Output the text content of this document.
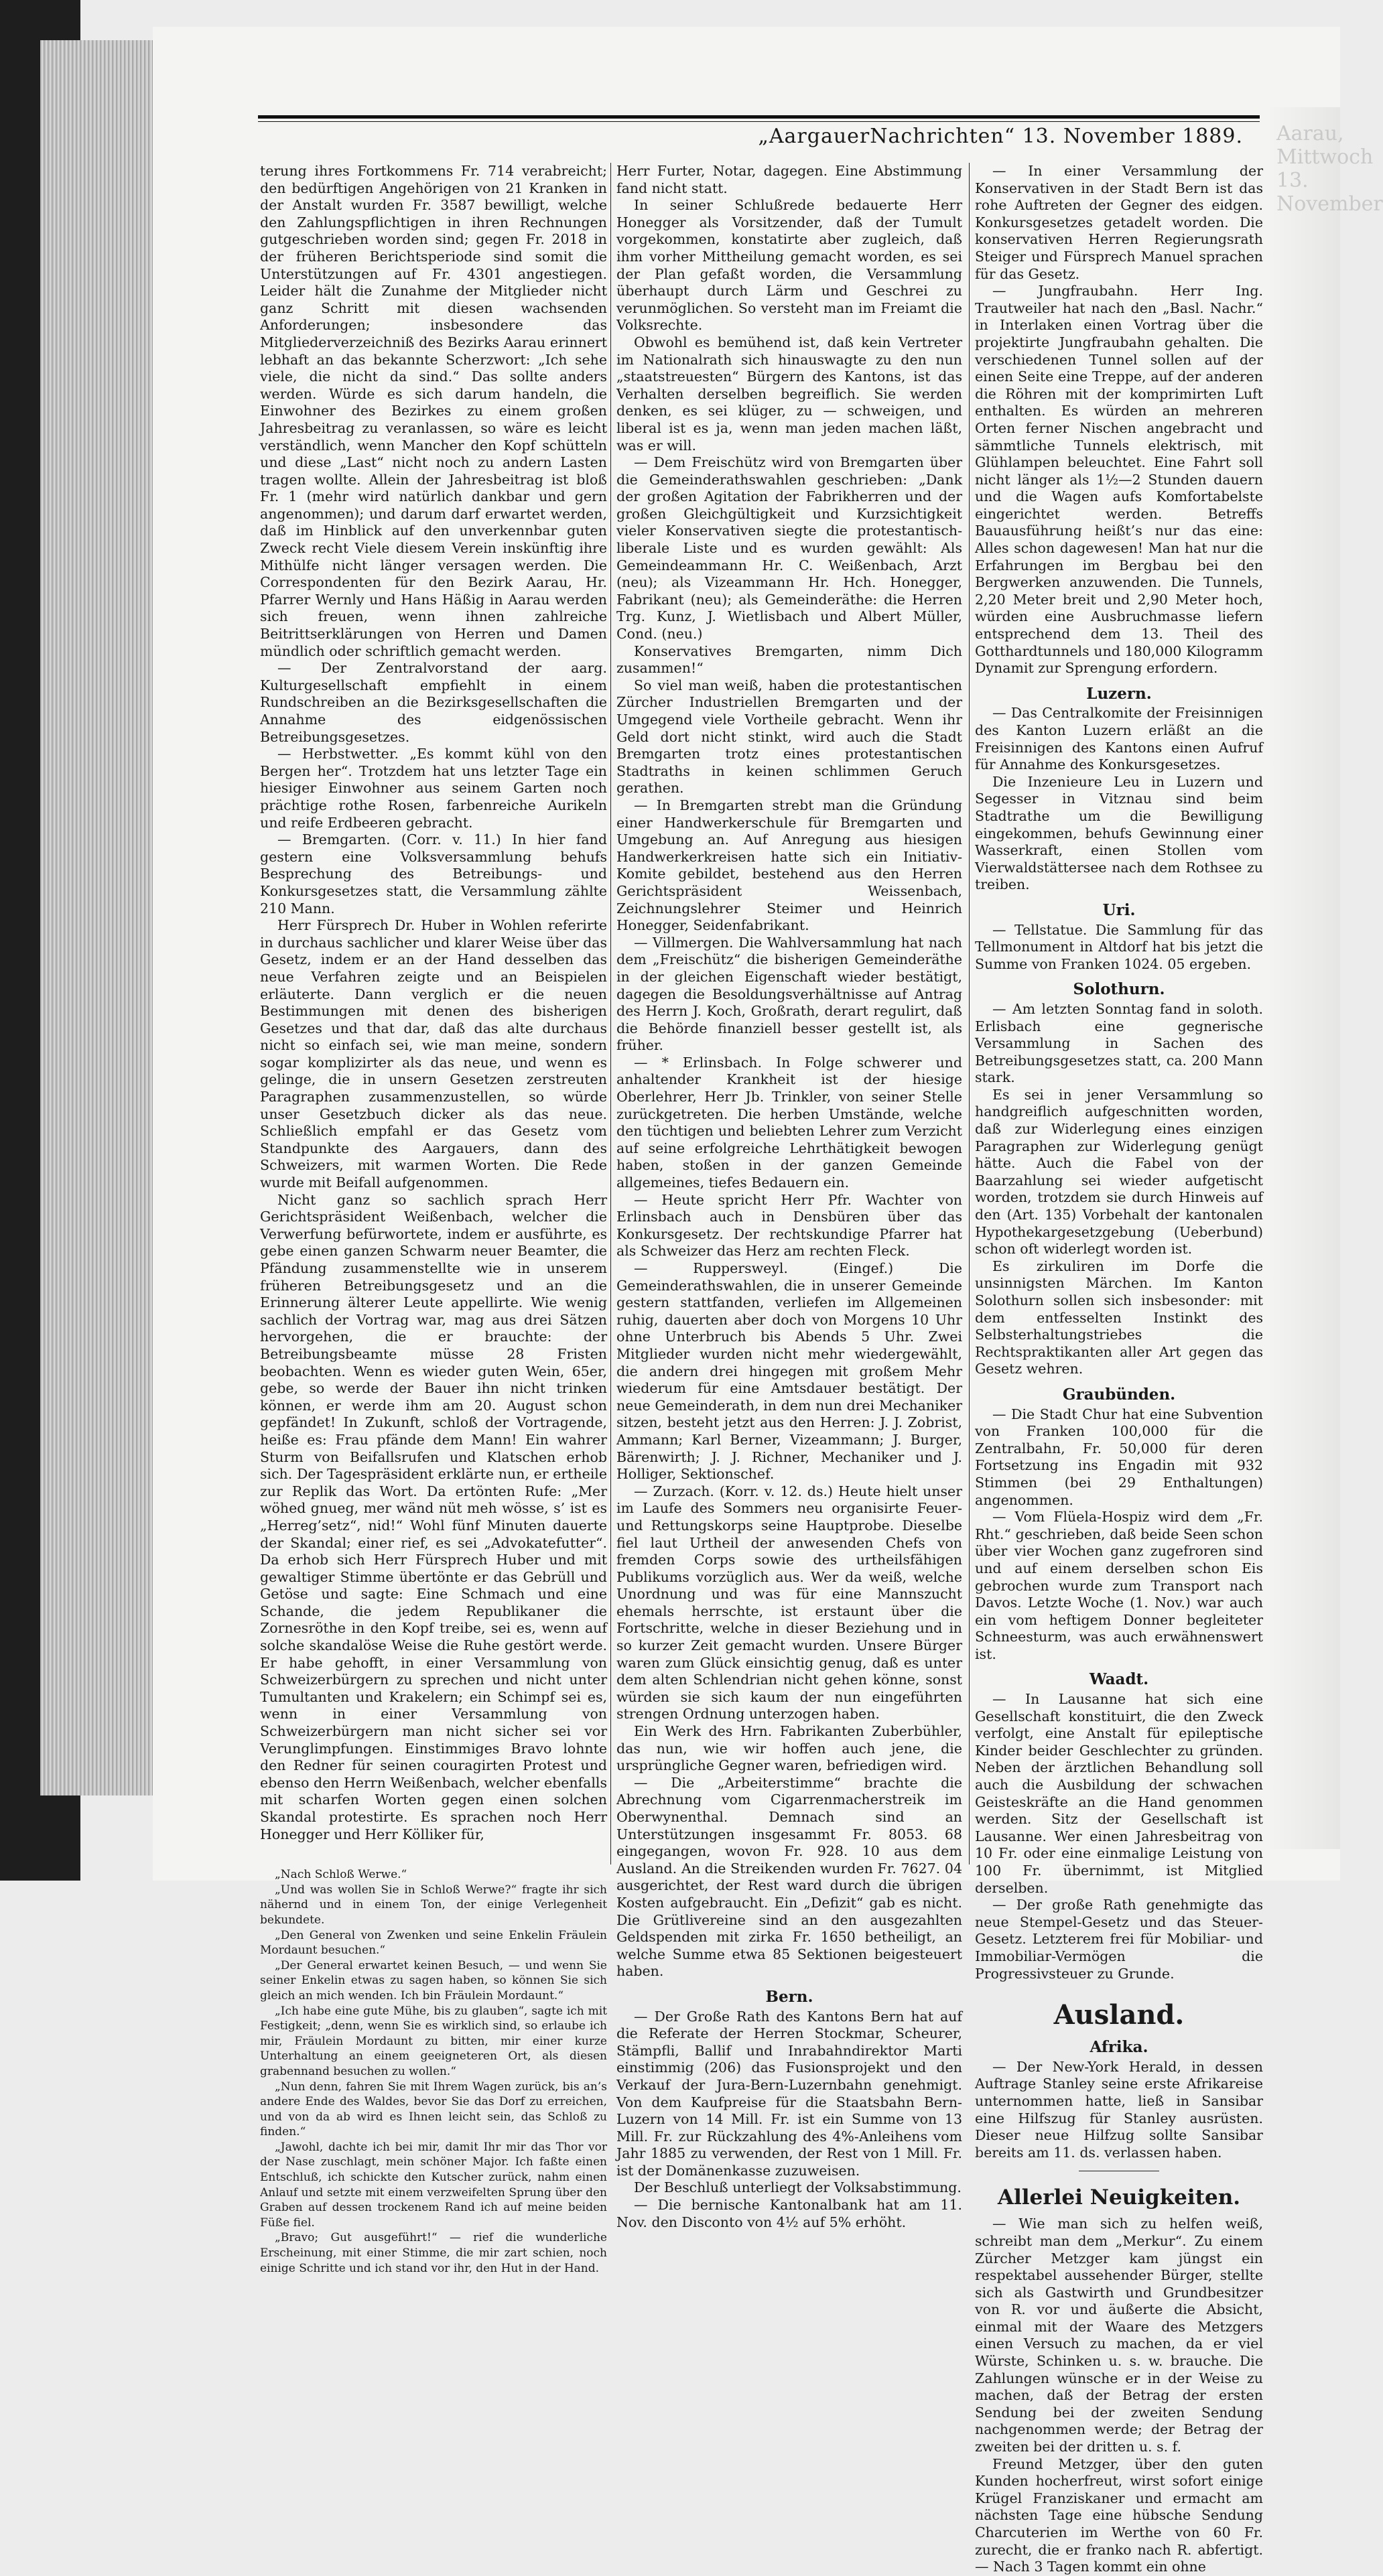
Aarau, Mittwoch 13. November
„AargauerNachrichten“ 13. November 1889.

terung ihres Fortkommens Fr. 714 verabreicht; den bedürftigen Angehörigen von 21 Kranken in der Anstalt wurden Fr. 3587 bewilligt, welche den Zahlungspflichtigen in ihren Rechnungen gutgeschrieben worden sind; gegen Fr. 2018 in der früheren Berichtsperiode sind somit die Unterstützungen auf Fr. 4301 angestiegen. Leider hält die Zunahme der Mitglieder nicht ganz Schritt mit diesen wachsenden Anforderungen; insbesondere das Mitgliederverzeichniß des Bezirks Aarau erinnert lebhaft an das bekannte Scherzwort: „Ich sehe viele, die nicht da sind.“ Das sollte anders werden. Würde es sich darum handeln, die Einwohner des Bezirkes zu einem großen Jahresbeitrag zu veranlassen, so wäre es leicht verständlich, wenn Mancher den Kopf schütteln und diese „Last“ nicht noch zu andern Lasten tragen wollte. Allein der Jahresbeitrag ist bloß Fr. 1 (mehr wird natürlich dankbar und gern angenommen); und darum darf erwartet werden, daß im Hinblick auf den unverkennbar guten Zweck recht Viele diesem Verein inskünftig ihre Mithülfe nicht länger versagen werden. Die Correspondenten für den Bezirk Aarau, Hr. Pfarrer Wernly und Hans Häßig in Aarau werden sich freuen, wenn ihnen zahlreiche Beitrittserklärungen von Herren und Damen mündlich oder schriftlich gemacht werden.

— Der Zentralvorstand der aarg. Kulturgesellschaft empfiehlt in einem Rundschreiben an die Bezirksgesellschaften die Annahme des eidgenössischen Betreibungsgesetzes.

— Herbstwetter. „Es kommt kühl von den Bergen her“. Trotzdem hat uns letzter Tage ein hiesiger Einwohner aus seinem Garten noch prächtige rothe Rosen, farbenreiche Aurikeln und reife Erdbeeren gebracht.

— Bremgarten. (Corr. v. 11.) In hier fand gestern eine Volksversammlung behufs Besprechung des Betreibungs- und Konkursgesetzes statt, die Versammlung zählte 210 Mann.

Herr Fürsprech Dr. Huber in Wohlen referirte in durchaus sachlicher und klarer Weise über das Gesetz, indem er an der Hand desselben das neue Verfahren zeigte und an Beispielen erläuterte. Dann verglich er die neuen Bestimmungen mit denen des bisherigen Gesetzes und that dar, daß das alte durchaus nicht so einfach sei, wie man meine, sondern sogar komplizirter als das neue, und wenn es gelinge, die in unsern Gesetzen zerstreuten Paragraphen zusammenzustellen, so würde unser Gesetzbuch dicker als das neue. Schließlich empfahl er das Gesetz vom Standpunkte des Aargauers, dann des Schweizers, mit warmen Worten. Die Rede wurde mit Beifall aufgenommen.

Nicht ganz so sachlich sprach Herr Gerichtspräsident Weißenbach, welcher die Verwerfung befürwortete, indem er ausführte, es gebe einen ganzen Schwarm neuer Beamter, die Pfändung zusammenstellte wie in unserem früheren Betreibungsgesetz und an die Erinnerung älterer Leute appellirte. Wie wenig sachlich der Vortrag war, mag aus drei Sätzen hervorgehen, die er brauchte: der Betreibungsbeamte müsse 28 Fristen beobachten. Wenn es wieder guten Wein, 65er, gebe, so werde der Bauer ihn nicht trinken können, er werde ihm am 20. August schon gepfändet! In Zukunft, schloß der Vortragende, heiße es: Frau pfände dem Mann! Ein wahrer Sturm von Beifallsrufen und Klatschen erhob sich. Der Tagespräsident erklärte nun, er ertheile zur Replik das Wort. Da ertönten Rufe: „Mer wöhed gnueg, mer wänd nüt meh wösse, s’ ist es „Herreg’setz“, nid!“ Wohl fünf Minuten dauerte der Skandal; einer rief, es sei „Advokatefutter“. Da erhob sich Herr Fürsprech Huber und mit gewaltiger Stimme übertönte er das Gebrüll und Getöse und sagte: Eine Schmach und eine Schande, die jedem Republikaner die Zornesröthe in den Kopf treibe, sei es, wenn auf solche skandalöse Weise die Ruhe gestört werde. Er habe gehofft, in einer Versammlung von Schweizerbürgern zu sprechen und nicht unter Tumultanten und Krakelern; ein Schimpf sei es, wenn in einer Versammlung von Schweizerbürgern man nicht sicher sei vor Verunglimpfungen. Einstimmiges Bravo lohnte den Redner für seinen couragirten Protest und ebenso den Herrn Weißenbach, welcher ebenfalls mit scharfen Worten gegen einen solchen Skandal protestirte. Es sprachen noch Herr Honegger und Herr Kölliker für,

„Nach Schloß Werwe.“

„Und was wollen Sie in Schloß Werwe?“ fragte ihr sich nähernd und in einem Ton, der einige Verlegenheit bekundete.

„Den General von Zwenken und seine Enkelin Fräulein Mordaunt besuchen.“

„Der General erwartet keinen Besuch, — und wenn Sie seiner Enkelin etwas zu sagen haben, so können Sie sich gleich an mich wenden. Ich bin Fräulein Mordaunt.“

„Ich habe eine gute Mühe, bis zu glauben“, sagte ich mit Festigkeit; „denn, wenn Sie es wirklich sind, so erlaube ich mir, Fräulein Mordaunt zu bitten, mir einer kurze Unterhaltung an einem geeigneteren Ort, als diesen grabennand besuchen zu wollen.“

„Nun denn, fahren Sie mit Ihrem Wagen zurück, bis an’s andere Ende des Waldes, bevor Sie das Dorf zu erreichen, und von da ab wird es Ihnen leicht sein, das Schloß zu finden.“

„Jawohl, dachte ich bei mir, damit Ihr mir das Thor vor der Nase zuschlagt, mein schöner Major. Ich faßte einen Entschluß, ich schickte den Kutscher zurück, nahm einen Anlauf und setzte mit einem verzweifelten Sprung über den Graben auf dessen trockenem Rand ich auf meine beiden Füße fiel.

„Bravo; Gut ausgeführt!“ — rief die wunderliche Erscheinung, mit einer Stimme, die mir zart schien, noch einige Schritte und ich stand vor ihr, den Hut in der Hand.

Herr Furter, Notar, dagegen. Eine Abstimmung fand nicht statt.

In seiner Schlußrede bedauerte Herr Honegger als Vorsitzender, daß der Tumult vorgekommen, konstatirte aber zugleich, daß ihm vorher Mittheilung gemacht worden, es sei der Plan gefaßt worden, die Versammlung überhaupt durch Lärm und Geschrei zu verunmöglichen. So versteht man im Freiamt die Volksrechte.

Obwohl es bemühend ist, daß kein Vertreter im Nationalrath sich hinauswagte zu den nun „staatstreuesten“ Bürgern des Kantons, ist das Verhalten derselben begreiflich. Sie werden denken, es sei klüger, zu — schweigen, und liberal ist es ja, wenn man jeden machen läßt, was er will.

— Dem Freischütz wird von Bremgarten über die Gemeinderathswahlen geschrieben: „Dank der großen Agitation der Fabrikherren und der großen Gleichgültigkeit und Kurzsichtigkeit vieler Konservativen siegte die protestantisch-liberale Liste und es wurden gewählt: Als Gemeindeammann Hr. C. Weißenbach, Arzt (neu); als Vizeammann Hr. Hch. Honegger, Fabrikant (neu); als Gemeinderäthe: die Herren Trg. Kunz, J. Wietlisbach und Albert Müller, Cond. (neu.)

Konservatives Bremgarten, nimm Dich zusammen!“

So viel man weiß, haben die protestantischen Zürcher Industriellen Bremgarten und der Umgegend viele Vortheile gebracht. Wenn ihr Geld dort nicht stinkt, wird auch die Stadt Bremgarten trotz eines protestantischen Stadtraths in keinen schlimmen Geruch gerathen.

— In Bremgarten strebt man die Gründung einer Handwerkerschule für Bremgarten und Umgebung an. Auf Anregung aus hiesigen Handwerkerkreisen hatte sich ein Initiativ-Komite gebildet, bestehend aus den Herren Gerichtspräsident Weissenbach, Zeichnungslehrer Steimer und Heinrich Honegger, Seidenfabrikant.

— Villmergen. Die Wahlversammlung hat nach dem „Freischütz“ die bisherigen Gemeinderäthe in der gleichen Eigenschaft wieder bestätigt, dagegen die Besoldungsverhältnisse auf Antrag des Herrn J. Koch, Großrath, derart regulirt, daß die Behörde finanziell besser gestellt ist, als früher.

— * Erlinsbach. In Folge schwerer und anhaltender Krankheit ist der hiesige Oberlehrer, Herr Jb. Trinkler, von seiner Stelle zurückgetreten. Die herben Umstände, welche den tüchtigen und beliebten Lehrer zum Verzicht auf seine erfolgreiche Lehrthätigkeit bewogen haben, stoßen in der ganzen Gemeinde allgemeines, tiefes Bedauern ein.

— Heute spricht Herr Pfr. Wachter von Erlinsbach auch in Densbüren über das Konkursgesetz. Der rechtskundige Pfarrer hat als Schweizer das Herz am rechten Fleck.

— Ruppersweyl. (Eingef.) Die Gemeinderathswahlen, die in unserer Gemeinde gestern stattfanden, verliefen im Allgemeinen ruhig, dauerten aber doch von Morgens 10 Uhr ohne Unterbruch bis Abends 5 Uhr. Zwei Mitglieder wurden nicht mehr wiedergewählt, die andern drei hingegen mit großem Mehr wiederum für eine Amtsdauer bestätigt. Der neue Gemeinderath, in dem nun drei Mechaniker sitzen, besteht jetzt aus den Herren: J. J. Zobrist, Ammann; Karl Berner, Vizeammann; J. Burger, Bärenwirth; J. J. Richner, Mechaniker und J. Holliger, Sektionschef.

— Zurzach. (Korr. v. 12. ds.) Heute hielt unser im Laufe des Sommers neu organisirte Feuer- und Rettungskorps seine Hauptprobe. Dieselbe fiel laut Urtheil der anwesenden Chefs von fremden Corps sowie des urtheilsfähigen Publikums vorzüglich aus. Wer da weiß, welche Unordnung und was für eine Mannszucht ehemals herrschte, ist erstaunt über die Fortschritte, welche in dieser Beziehung und in so kurzer Zeit gemacht wurden. Unsere Bürger waren zum Glück einsichtig genug, daß es unter dem alten Schlendrian nicht gehen könne, sonst würden sie sich kaum der nun eingeführten strengen Ordnung unterzogen haben.

Ein Werk des Hrn. Fabrikanten Zuberbühler, das nun, wie wir hoffen auch jene, die ursprüngliche Gegner waren, befriedigen wird.

— Die „Arbeiterstimme“ brachte die Abrechnung vom Cigarrenmacherstreik im Oberwynenthal. Demnach sind an Unterstützungen insgesammt Fr. 8053. 68 eingegangen, wovon Fr. 928. 10 aus dem Ausland. An die Streikenden wurden Fr. 7627. 04 ausgerichtet, der Rest ward durch die übrigen Kosten aufgebraucht. Ein „Defizit“ gab es nicht. Die Grütlivereine sind an den ausgezahlten Geldspenden mit zirka Fr. 1650 betheiligt, an welche Summe etwa 85 Sektionen beigesteuert haben.

Bern.

— Der Große Rath des Kantons Bern hat auf die Referate der Herren Stockmar, Scheurer, Stämpfli, Ballif und Inrabahndirektor Marti einstimmig (206) das Fusionsprojekt und den Verkauf der Jura-Bern-Luzernbahn genehmigt. Von dem Kaufpreise für die Staatsbahn Bern-Luzern von 14 Mill. Fr. ist ein Summe von 13 Mill. Fr. zur Rückzahlung des 4%-Anleihens vom Jahr 1885 zu verwenden, der Rest von 1 Mill. Fr. ist der Domänenkasse zuzuweisen.

Der Beschluß unterliegt der Volksabstimmung.

— Die bernische Kantonalbank hat am 11. Nov. den Disconto von 4½ auf 5% erhöht.

— In einer Versammlung der Konservativen in der Stadt Bern ist das rohe Auftreten der Gegner des eidgen. Konkursgesetzes getadelt worden. Die konservativen Herren Regierungsrath Steiger und Fürsprech Manuel sprachen für das Gesetz.

— Jungfraubahn. Herr Ing. Trautweiler hat nach den „Basl. Nachr.“ in Interlaken einen Vortrag über die projektirte Jungfraubahn gehalten. Die verschiedenen Tunnel sollen auf der einen Seite eine Treppe, auf der anderen die Röhren mit der komprimirten Luft enthalten. Es würden an mehreren Orten ferner Nischen angebracht und sämmtliche Tunnels elektrisch, mit Glühlampen beleuchtet. Eine Fahrt soll nicht länger als 1½—2 Stunden dauern und die Wagen aufs Komfortabelste eingerichtet werden. Betreffs Bauausführung heißt’s nur das eine: Alles schon dagewesen! Man hat nur die Erfahrungen im Bergbau bei den Bergwerken anzuwenden. Die Tunnels, 2,20 Meter breit und 2,90 Meter hoch, würden eine Ausbruchmasse liefern entsprechend dem 13. Theil des Gotthardtunnels und 180,000 Kilogramm Dynamit zur Sprengung erfordern.

Luzern.

— Das Centralkomite der Freisinnigen des Kanton Luzern erläßt an die Freisinnigen des Kantons einen Aufruf für Annahme des Konkursgesetzes.

Die Inzenieure Leu in Luzern und Segesser in Vitznau sind beim Stadtrathe um die Bewilligung eingekommen, behufs Gewinnung einer Wasserkraft, einen Stollen vom Vierwaldstättersee nach dem Rothsee zu treiben.

Uri.

— Tellstatue. Die Sammlung für das Tellmonument in Altdorf hat bis jetzt die Summe von Franken 1024. 05 ergeben.

Solothurn.

— Am letzten Sonntag fand in soloth. Erlisbach eine gegnerische Versammlung in Sachen des Betreibungsgesetzes statt, ca. 200 Mann stark.

Es sei in jener Versammlung so handgreiflich aufgeschnitten worden, daß zur Widerlegung eines einzigen Paragraphen zur Widerlegung genügt hätte. Auch die Fabel von der Baarzahlung sei wieder aufgetischt worden, trotzdem sie durch Hinweis auf den (Art. 135) Vorbehalt der kantonalen Hypothekargesetzgebung (Ueberbund) schon oft widerlegt worden ist.

Es zirkuliren im Dorfe die unsinnigsten Märchen. Im Kanton Solothurn sollen sich insbesonder: mit dem entfesselten Instinkt des Selbsterhaltungstriebes die Rechtspraktikanten aller Art gegen das Gesetz wehren.

Graubünden.

— Die Stadt Chur hat eine Subvention von Franken 100,000 für die Zentralbahn, Fr. 50,000 für deren Fortsetzung ins Engadin mit 932 Stimmen (bei 29 Enthaltungen) angenommen.

— Vom Flüela-Hospiz wird dem „Fr. Rht.“ geschrieben, daß beide Seen schon über vier Wochen ganz zugefroren sind und auf einem derselben schon Eis gebrochen wurde zum Transport nach Davos. Letzte Woche (1. Nov.) war auch ein vom heftigem Donner begleiteter Schneesturm, was auch erwähnenswert ist.

Waadt.

— In Lausanne hat sich eine Gesellschaft konstituirt, die den Zweck verfolgt, eine Anstalt für epileptische Kinder beider Geschlechter zu gründen. Neben der ärztlichen Behandlung soll auch die Ausbildung der schwachen Geisteskräfte an die Hand genommen werden. Sitz der Gesellschaft ist Lausanne. Wer einen Jahresbeitrag von 10 Fr. oder eine einmalige Leistung von 100 Fr. übernimmt, ist Mitglied derselben.

— Der große Rath genehmigte das neue Stempel-Gesetz und das Steuer-Gesetz. Letzterem frei für Mobiliar- und Immobiliar-Vermögen die Progressivsteuer zu Grunde.

Ausland.
Afrika.

— Der New-York Herald, in dessen Auftrage Stanley seine erste Afrikareise unternommen hatte, ließ in Sansibar eine Hilfszug für Stanley ausrüsten. Dieser neue Hilfzug sollte Sansibar bereits am 11. ds. verlassen haben.

Allerlei Neuigkeiten.

— Wie man sich zu helfen weiß, schreibt man dem „Merkur“. Zu einem Zürcher Metzger kam jüngst ein respektabel aussehender Bürger, stellte sich als Gastwirth und Grundbesitzer von R. vor und äußerte die Absicht, einmal mit der Waare des Metzgers einen Versuch zu machen, da er viel Würste, Schinken u. s. w. brauche. Die Zahlungen wünsche er in der Weise zu machen, daß der Betrag der ersten Sendung bei der zweiten Sendung nachgenommen werde; der Betrag der zweiten bei der dritten u. s. f.

Freund Metzger, über den guten Kunden hocherfreut, wirst sofort einige Krügel Franziskaner und ermacht am nächsten Tage eine hübsche Sendung Charcuterien im Werthe von 60 Fr. zurecht, die er franko nach R. abfertigt. — Nach 3 Tagen kommt ein ohne
